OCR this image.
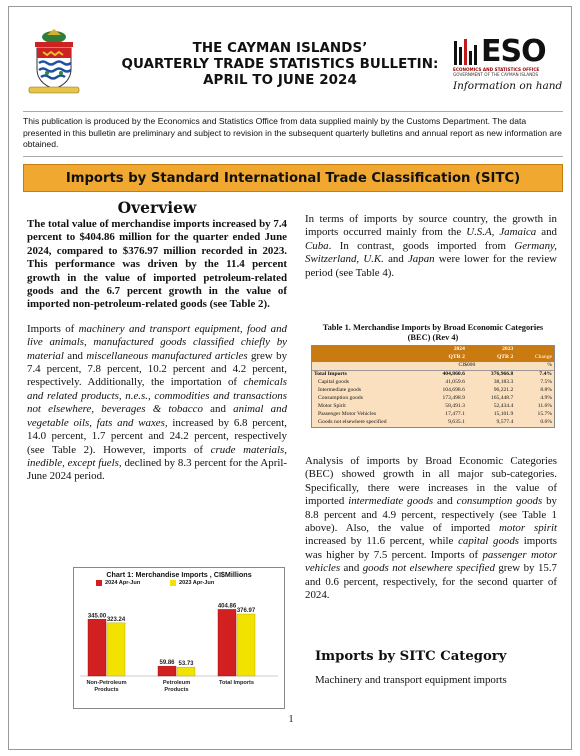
THE CAYMAN ISLANDS’
QUARTERLY TRADE STATISTICS BULLETIN:
APRIL TO JUNE 2024
ESO
ECONOMICS AND STATISTICS OFFICE
GOVERNMENT OF THE CAYMAN ISLANDS
Information on hand
This publication is produced by the Economics and Statistics Office from data supplied mainly by the Customs Department. The data presented in this bulletin are preliminary and subject to revision in the subsequent quarterly bulletins and annual report as new information are obtained.
Imports by Standard International Trade Classification (SITC)
Overview
The total value of merchandise imports increased by 7.4 percent to $404.86 million for the quarter ended June 2024, compared to $376.97 million recorded in 2023. This performance was driven by the 11.4 percent growth in the value of imported petroleum-related goods and the 6.7 percent growth in the value of imported non-petroleum-related goods (see Table 2).
Imports of machinery and transport equipment, food and live animals, manufactured goods classified chiefly by material and miscellaneous manufactured articles grew by 7.4 percent, 7.8 percent, 10.2 percent and 4.2 percent, respectively. Additionally, the importation of chemicals and related products, n.e.s., commodities and transactions not elsewhere, beverages & tobacco and animal and vegetable oils, fats and waxes, increased by 6.8 percent, 14.0 percent, 1.7 percent and 24.2 percent, respectively (see Table 2). However, imports of crude materials, inedible, except fuels, declined by 8.3 percent for the April-June 2024 period.
In terms of imports by source country, the growth in imports occurred mainly from the U.S.A, Jamaica and Cuba. In contrast, goods imported from Germany, Switzerland, U.K. and Japan were lower for the review period (see Table 4).
Table 1. Merchandise Imports by Broad Economic Categories (BEC) (Rev 4)
	2024	2023	
	QTR 2	QTR 2	Change
	CI$000		%
Total Imports	404,860.6	376,966.8	7.4%
Capital goods	41,059.6	38,183.3	7.5%
Intermediate goods	104,698.6	96,221.2	8.8%
Consumption goods	173,498.9	165,448.7	4.9%
Motor Spirit	58,491.3	52,434.4	11.6%
Passenger Motor Vehicles	17,477.1	15,101.9	15.7%
Goods not elsewhere specified	9,635.1	9,577.4	0.6%
Analysis of imports by Broad Economic Categories (BEC) showed growth in all major sub-categories. Specifically, there were increases in the value of imported intermediate goods and consumption goods by 8.8 percent and 4.9 percent, respectively (see Table 1 above). Also, the value of imported motor spirit increased by 11.6 percent, while capital goods imports was higher by 7.5 percent. Imports of passenger motor vehicles and goods not elsewhere specified grew by 15.7 and 0.6 percent, respectively, for the second quarter of 2024.
Imports by SITC Category
Machinery and transport equipment imports
Chart 1: Merchandise Imports , CI$Millions
2024 Apr-Jun	2023 Apr-Jun
345.00
323.24
Non-Petroleum
Products
59.86 53.73
Petroleum
Products
404.86
376.97
Total Imports
1
